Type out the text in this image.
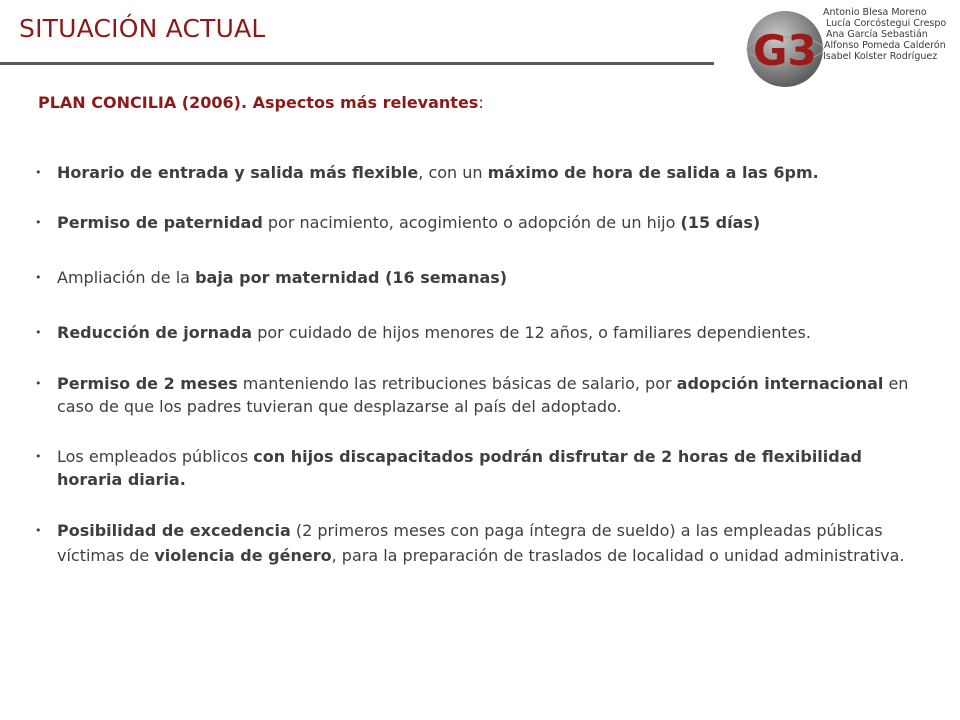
SITUACIÓN ACTUAL	G3
Antonio Blesa Moreno
Lucía Corcóstegui Crespo
Ana García Sebastián
Alfonso Pomeda Calderón
Isabel Kolster Rodríguez
PLAN CONCILIA (2006). Aspectos más relevantes:
• Horario de entrada y salida más flexible, con un máximo de hora de salida a las 6pm.
• Permiso de paternidad por nacimiento, acogimiento o adopción de un hijo (15 días)
• Ampliación de la baja por maternidad (16 semanas)
• Reducción de jornada por cuidado de hijos menores de 12 años, o familiares dependientes.
• Permiso de 2 meses manteniendo las retribuciones básicas de salario, por adopción internacional en caso de que los padres tuvieran que desplazarse al país del adoptado.
• Los empleados públicos con hijos discapacitados podrán disfrutar de 2 horas de flexibilidad horaria diaria.
• Posibilidad de excedencia (2 primeros meses con paga íntegra de sueldo) a las empleadas públicas víctimas de violencia de género, para la preparación de traslados de localidad o unidad administrativa.
